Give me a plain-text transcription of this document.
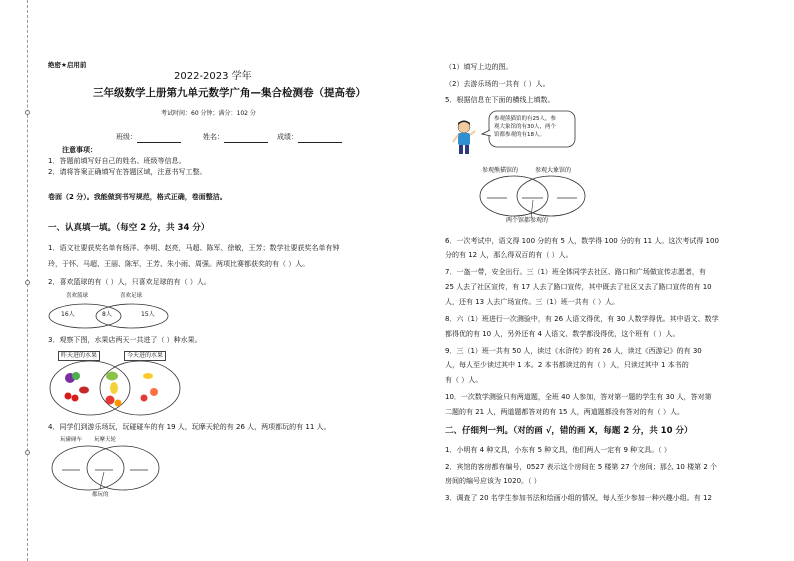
绝密★启用前
2022-2023 学年
三年级数学上册第九单元数学广角—集合检测卷（提高卷）
考试时间：60 分钟；满分：102 分
班级：	姓名：	成绩：
注意事项：
1．答题前填写好自己的姓名、班级等信息。
2．请将答案正确填写在答题区域，注意书写工整。
卷面（2 分）。我能做到书写规范，格式正确，卷面整洁。
一、认真填一填。（每空 2 分，共 34 分）
1．语文社要获奖名单有杨洋、李明、赵亮，马超、陈军、徐敏，王芳；数学社要获奖名单有钟
玲，于怀、马超、王丽、陈军，王芳、朱小雨、周强。两项比赛都获奖的有（ ）人。
2．喜欢篮球的有（ ）人，只喜欢足球的有（ ）人。
喜欢篮球	喜欢足球
16人	8人	15人
3．观察下图，水果店两天一共进了（ ）种水果。
昨天进的水果	今天进的水果
4．同学们到游乐场玩，玩碰碰车的有 19 人，玩摩天轮的有 26 人，两项都玩的有 11 人。
玩碰碰车 玩摩天轮
都玩的
（1）填写上边的图。
（2）去游乐场的一共有（ ）人。
5．根据信息在下面的横线上填数。
参观熊猫馆的有25人，参
观大象馆的有30人，两个
馆都参观的有18人。
参观熊猫馆的	参观大象馆的
两个馆都参观的
6．一次考试中，语文得 100 分的有 5 人，数学得 100 分的有 11 人。这次考试得 100
分的有 12 人，那么得双百的有（ ）人。
7．一盔一带，安全出行。三（1）班全体同学去社区、路口和广场做宣传志愿者，有
25 人去了社区宣传，有 17 人去了路口宣传，其中既去了社区又去了路口宣传的有 10
人，还有 13 人去广场宣传。三（1）班一共有（ ）人。
8．六（1）班进行一次测验中，有 26 人语文得优，有 30 人数学得优。其中语文、数学
都得优的有 10 人，另外还有 4 人语文、数学都没得优，这个班有（ ）人。
9．三（1）班一共有 50 人，读过《水浒传》的有 26 人，读过《西游记》的有 30
人，每人至少读过其中 1 本。2 本书都读过的有（ ）人，只读过其中 1 本书的
有（ ）人。
10．一次数学测验只有两道题，全班 40 人参加，答对第一题的学生有 30 人，答对第
二题的有 21 人，两道题都答对的有 15 人，两道题都没有答对的有（ ）人。
二、仔细判一判。（对的画 √，错的画 X，每题 2 分，共 10 分）
1．小明有 4 种文具，小东有 5 种文具，他们两人一定有 9 种文具。（ ）
2．宾馆的客房都有编号，0527 表示这个房间在 5 楼第 27 个房间；那么 10 楼第 2 个
房间的编号应该为 1020。（ ）
3．调查了 20 名学生参加书法和绘画小组的情况，每人至少参加一种兴趣小组。有 12
